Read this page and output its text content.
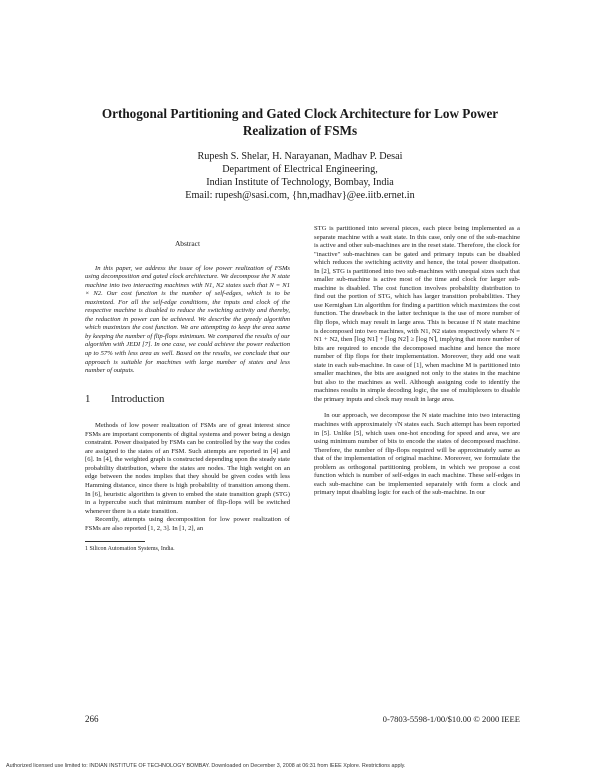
Orthogonal Partitioning and Gated Clock Architecture for Low Power
Realization of FSMs
Rupesh S. Shelar, H. Narayanan, Madhav P. Desai
Department of Electrical Engineering,
Indian Institute of Technology, Bombay, India
Email: rupesh@sasi.com, {hn,madhav}@ee.iitb.ernet.in
Abstract

In this paper, we address the issue of low power realization of FSMs using decomposition and gated clock architecture. We decompose the N state machine into two interacting machines with N1, N2 states such that N = N1 × N2. Our cost function is the number of self-edges, which is to be maximized. For all the self-edge conditions, the inputs and clock of the respective machine is disabled to reduce the switching activity and thereby, the reduction in power can be achieved. We describe the greedy algorithm which maximizes the cost function. We are attempting to keep the area same by keeping the number of flip-flops minimum. We compared the results of our algorithm with JEDI [7]. In one case, we could achieve the power reduction up to 57% with less area as well. Based on the results, we conclude that our approach is suitable for machines with large number of states and less number of outputs.

1 Introduction

Methods of low power realization of FSMs are of great interest since FSMs are important components of digital systems and power being a design constraint. Power dissipated by FSMs can be controlled by the way the codes are assigned to the states of an FSM. Such attempts are reported in [4] and [6]. In [4], the weighted graph is constructed depending upon the steady state probability distribution, where the states are nodes. The high weight on an edge between the nodes implies that they should be given codes with less Hamming distance, since there is high probability of transition among them. In [6], heuristic algorithm is given to embed the state transition graph (STG) in a hypercube such that minimum number of flip-flops will be switched whenever there is a state transition.

Recently, attempts using decomposition for low power realization of FSMs are also reported [1, 2, 3]. In [1, 2], an

1 Silicon Automation Systems, India.

STG is partitioned into several pieces, each piece being implemented as a separate machine with a wait state. In this case, only one of the sub-machine is active and other sub-machines are in the reset state. Therefore, the clock for "inactive" sub-machines can be gated and primary inputs can be disabled which reduces the switching activity and hence, the total power dissipation. In [2], STG is partitioned into two sub-machines with unequal sizes such that smaller sub-machine is active most of the time and clock for larger sub-machine is disabled. The cost function involves probability distribution to find out the portion of STG, which has larger transition probabilities. They use Kernighan Lin algorithm for finding a partition which maximizes the cost function. The drawback in the latter technique is the use of more number of flip flops, which may result in large area. This is because if N state machine is decomposed into two machines, with N1, N2 states respectively where N = N1 + N2, then ⌈log N1⌉ + ⌈log N2⌉ ≥ ⌈log N⌉, implying that more number of bits are required to encode the decomposed machine and hence the more number of flip flops for their implementation. Moreover, they add one wait state in each sub-machine. In case of [1], when machine M is partitioned into smaller machines, the bits are assigned not only to the states in the machine but also to the machines as well. Although assigning code to identify the machines results in simple decoding logic, the use of multiplexers to disable the primary inputs and clock may result in large area.

In our approach, we decompose the N state machine into two interacting machines with approximately √N states each. Such attempt has been reported in [5]. Unlike [5], which uses one-hot encoding for speed and area, we are using minimum number of bits to encode the states of decomposed machine. Therefore, the number of flip-flops required will be approximately same as that of the implementation of original machine. Moreover, we formulate the problem as orthogonal partitioning problem, in which we propose a cost function which is number of self-edges in each machine. These self-edges in each sub-machine can be implemented separately with form a clock and primary input disabling logic for each of the sub-machine. In our

266	0-7803-5598-1/00/$10.00 © 2000 IEEE
Authorized licensed use limited to: INDIAN INSTITUTE OF TECHNOLOGY BOMBAY. Downloaded on December 3, 2008 at 06:31 from IEEE Xplore. Restrictions apply.
